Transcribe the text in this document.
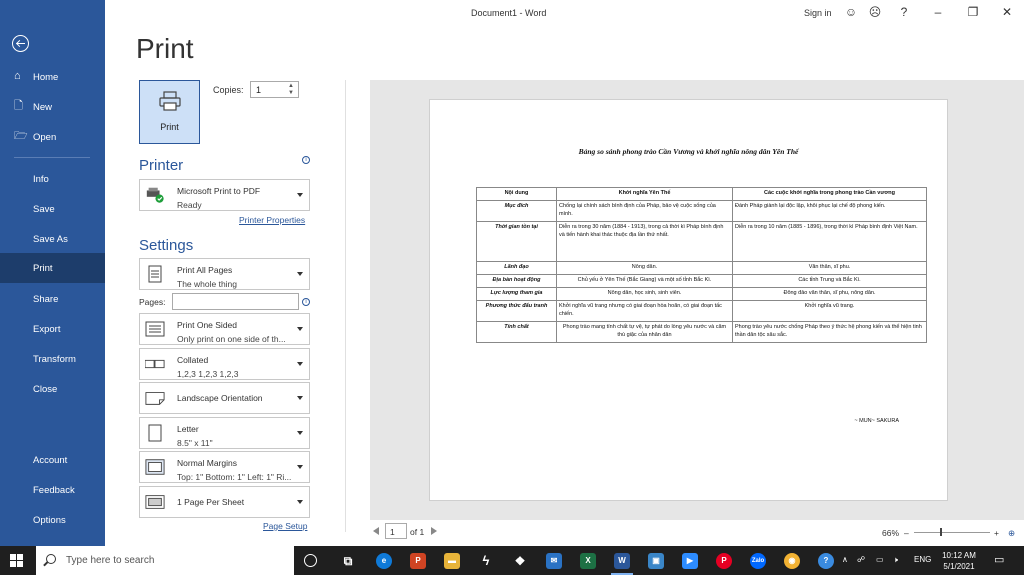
⌂	Home
🗋 New
🗁 Open
Info
Save
Save As
Print
Share
Export
Transform
Close
Account
Feedback
Options
Document1 - Word	Sign in ☺ ☹	?	–	❐ ✕
Print
Print
Copies:	1	▲
▼
Printer	i
Microsoft Print to PDF
Ready
Printer Properties
Settings
Print All Pages
The whole thing
Pages:	i
Print One Sided
Only print on one side of th...
Collated
1,2,3 1,2,3 1,2,3
Landscape Orientation
Letter
8.5" x 11"
Normal Margins
Top: 1" Bottom: 1" Left: 1" Ri...
1 Page Per Sheet
Page Setup
Bảng so sánh phong trào Cần Vương và khởi nghĩa nông dân Yên Thế
Nội dung	Khởi nghĩa Yên Thế	Các cuộc khởi nghĩa trong phong trào Cần vương
Mục đích	Chống lại chính sách bình định của Pháp, bảo vệ cuộc sống của mình.	Đánh Pháp giành lại độc lập, khôi phục lại chế độ phong kiến.
Thời gian tồn tại	Diễn ra trong 30 năm (1884 - 1913), trong cả thời kì Pháp bình định và tiến hành khai thác thuộc địa lần thứ nhất.	Diễn ra trong 10 năm (1885 - 1896), trong thời kì Pháp bình định Việt Nam.
Lãnh đạo	Nông dân.	Văn thân, sĩ phu.
Địa bàn hoạt động	Chủ yếu ở Yên Thế (Bắc Giang) và một số tỉnh Bắc Kì.	Các tỉnh Trung và Bắc Kì.
Lực lượng tham gia	Nông dân, học sinh, sinh viên.	Đông đảo văn thân, sĩ phu, nông dân.
Phương thức đấu tranh	Khởi nghĩa vũ trang nhưng có giai đoạn hòa hoãn, có giai đoạn tấc chiến.	Khởi nghĩa vũ trang.
Tính chất	Phong trào mang tính chất tự vệ, tự phát do lòng yêu nước và căm thù giặc của nhân dân	Phong trào yêu nước chống Pháp theo ý thức hệ phong kiến và thể hiện tinh thần dân tộc sâu sắc.
~ MUN~ SAKURA
1	of 1	66% –	+ ⊕
Type here to search	⧉	e	P	▬	ϟ	❖	✉	X	W	▣	▶	P	Zalo	◉	?	∧ ☍ ▭ 🕨 ENG	10:12 AM
5/1/2021
▭
